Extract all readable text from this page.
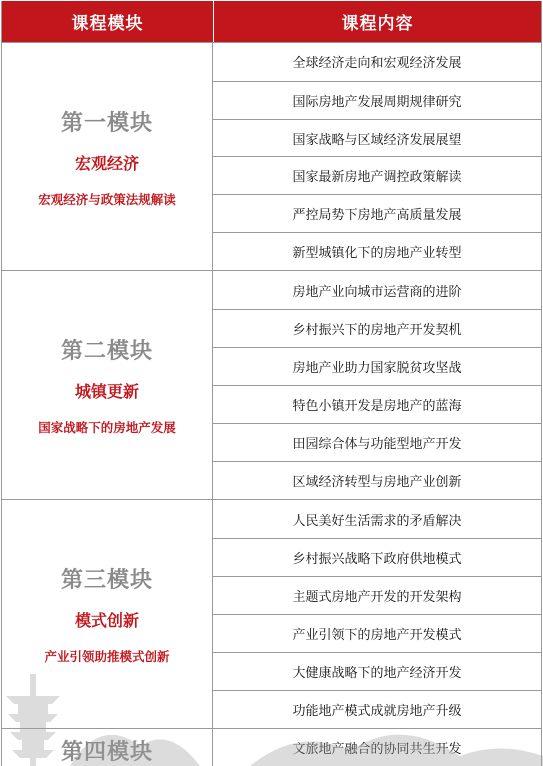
课程模块	课程内容
第一模块
宏观经济
宏观经济与政策法规解读
全球经济走向和宏观经济发展
国际房地产发展周期规律研究
国家战略与区域经济发展展望
国家最新房地产调控政策解读
严控局势下房地产高质量发展
新型城镇化下的房地产业转型
第二模块
城镇更新
国家战略下的房地产发展
房地产业向城市运营商的进阶
乡村振兴下的房地产开发契机
房地产业助力国家脱贫攻坚战
特色小镇开发是房地产的蓝海
田园综合体与功能型地产开发
区域经济转型与房地产业创新
第三模块
模式创新
产业引领助推模式创新
人民美好生活需求的矛盾解决
乡村振兴战略下政府供地模式
主题式房地产开发的开发架构
产业引领下的房地产开发模式
大健康战略下的地产经济开发
功能地产模式成就房地产升级
第四模块	文旅地产融合的协同共生开发
